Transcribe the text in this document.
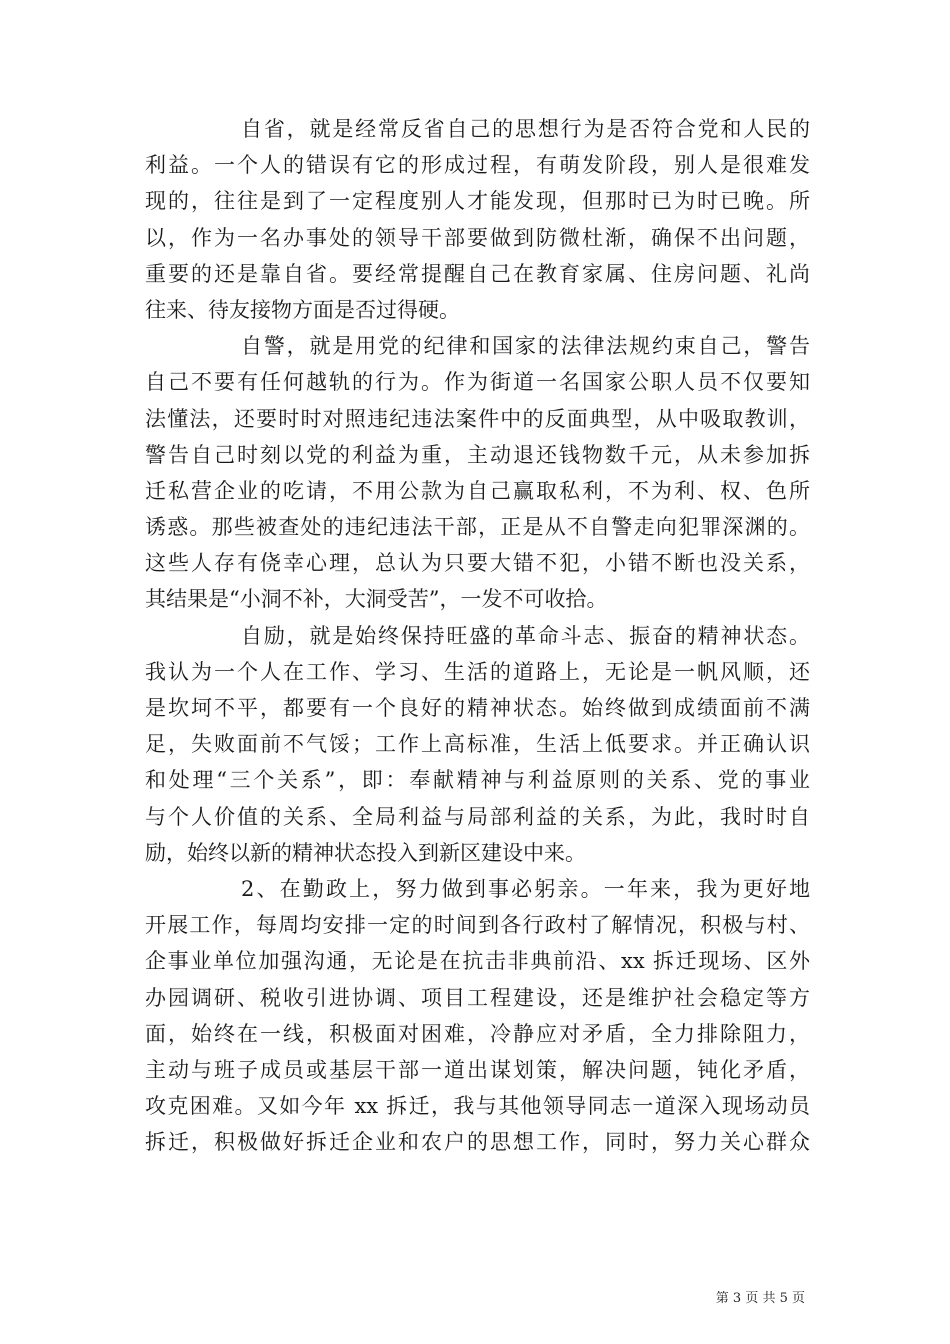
自省，就是经常反省自己的思想行为是否符合党和人民的
利益。一个人的错误有它的形成过程，有萌发阶段，别人是很难发
现的，往往是到了一定程度别人才能发现，但那时已为时已晚。所
以，作为一名办事处的领导干部要做到防微杜渐，确保不出问题，
重要的还是靠自省。要经常提醒自己在教育家属、住房问题、礼尚
往来、待友接物方面是否过得硬。
自警，就是用党的纪律和国家的法律法规约束自己，警告
自己不要有任何越轨的行为。作为街道一名国家公职人员不仅要知
法懂法，还要时时对照违纪违法案件中的反面典型，从中吸取教训，
警告自己时刻以党的利益为重，主动退还钱物数千元，从未参加拆
迁私营企业的吃请，不用公款为自己赢取私利，不为利、权、色所
诱惑。那些被查处的违纪违法干部，正是从不自警走向犯罪深渊的。
这些人存有侥幸心理，总认为只要大错不犯，小错不断也没关系，
其结果是“小洞不补，大洞受苦”，一发不可收拾。
自励，就是始终保持旺盛的革命斗志、振奋的精神状态。
我认为一个人在工作、学习、生活的道路上，无论是一帆风顺，还
是坎坷不平，都要有一个良好的精神状态。始终做到成绩面前不满
足，失败面前不气馁；工作上高标准，生活上低要求。并正确认识
和处理“三个关系”，即：奉献精神与利益原则的关系、党的事业
与个人价值的关系、全局利益与局部利益的关系，为此，我时时自
励，始终以新的精神状态投入到新区建设中来。
2、在勤政上，努力做到事必躬亲。一年来，我为更好地
开展工作，每周均安排一定的时间到各行政村了解情况，积极与村、
企事业单位加强沟通，无论是在抗击非典前沿、xx 拆迁现场、区外
办园调研、税收引进协调、项目工程建设，还是维护社会稳定等方
面，始终在一线，积极面对困难，冷静应对矛盾，全力排除阻力，
主动与班子成员或基层干部一道出谋划策，解决问题，钝化矛盾，
攻克困难。又如今年 xx 拆迁，我与其他领导同志一道深入现场动员
拆迁，积极做好拆迁企业和农户的思想工作，同时，努力关心群众
第 3 页 共 5 页
